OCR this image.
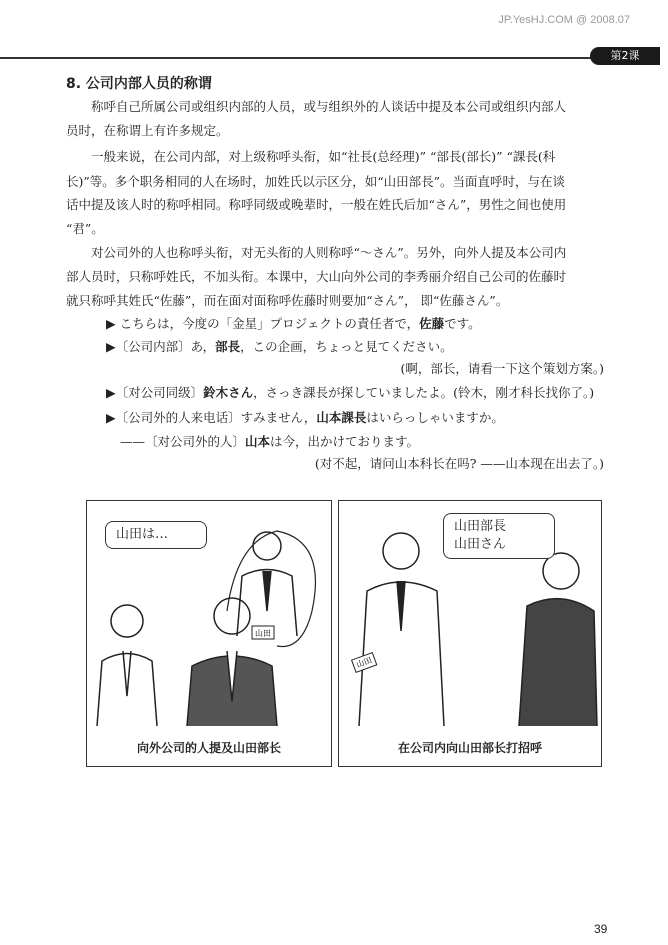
JP.YesHJ.COM @ 2008.07
第2课
8. 公司内部人员的称谓
　　称呼自己所属公司或组织内部的人员，或与组织外的人谈话中提及本公司或组织内部人
员时，在称谓上有许多规定。
　　一般来说，在公司内部，对上级称呼头衔，如“社長(总经理)” “部長(部长)” “課長(科
长)”等。多个职务相同的人在场时，加姓氏以示区分，如“山田部長”。当面直呼时，与在谈
话中提及该人时的称呼相同。称呼同级或晚辈时，一般在姓氏后加“さん”，男性之间也使用
“君”。
　　对公司外的人也称呼头衔，对无头衔的人则称呼“～さん”。另外，向外人提及本公司内
部人员时，只称呼姓氏，不加头衔。本课中，大山向外公司的李秀丽介绍自己公司的佐藤时
就只称呼其姓氏“佐藤”，而在面对面称呼佐藤时则要加“さん”， 即“佐藤さん”。
▶ こちらは，今度の「金星」プロジェクトの責任者で，佐藤です。
▶〔公司内部〕あ，部長，この企画，ちょっと見てください。
(啊，部长，请看一下这个策划方案。)
▶〔对公司同级〕鈴木さん，さっき課長が探していましたよ。(铃木，刚才科长找你了。)
▶〔公司外的人来电话〕すみません，山本課長はいらっしゃいますか。
——〔对公司外的人〕山本は今，出かけております。
(对不起，请问山本科长在吗? ——山本现在出去了。)
山田
山田は…
向外公司的人提及山田部长
山田
山田部長
山田さん
在公司内向山田部长打招呼
39
